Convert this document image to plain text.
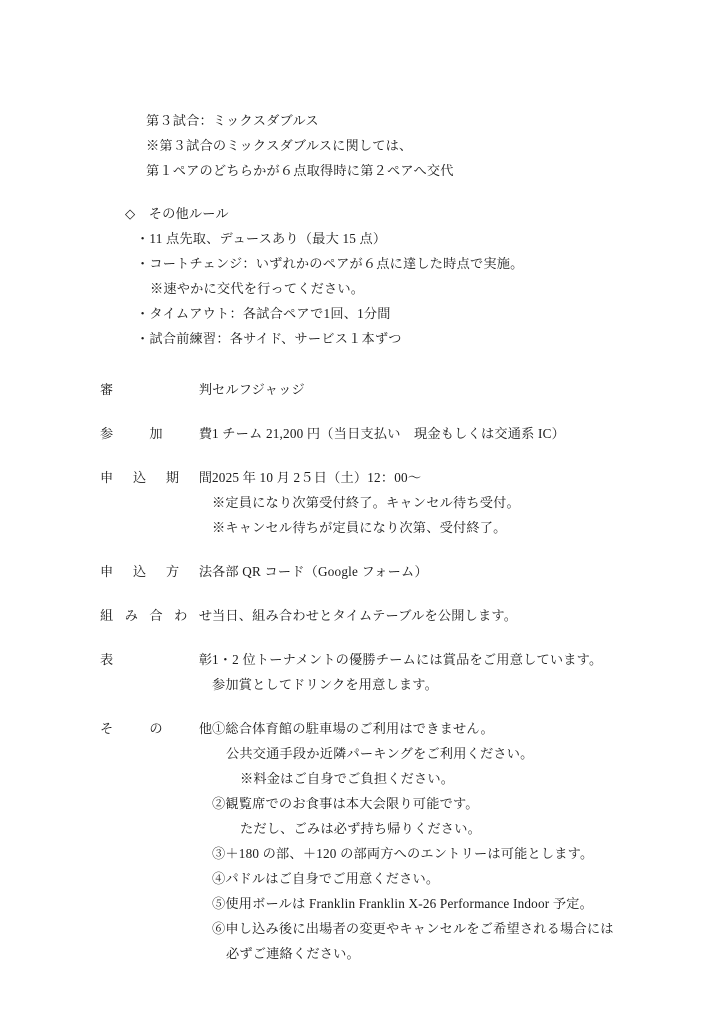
第３試合：ミックスダブルス
※第３試合のミックスダブルスに関しては、
第１ペアのどちらかが６点取得時に第２ペアへ交代
◇　その他ルール
・11 点先取、デュースあり（最大 15 点）
・コートチェンジ：いずれかのペアが６点に達した時点で実施。
※速やかに交代を行ってください。
・タイムアウト：各試合ペアで1回、1分間
・試合前練習：各サイド、サービス１本ずつ
審	判 セルフジャッジ
参	加	費 1 チーム 21,200 円（当日支払い　現金もしくは交通系 IC）
申 込 期 間 2025 年 10 月 2５日（土）12：00〜
※定員になり次第受付終了。キャンセル待ち受付。
※キャンセル待ちが定員になり次第、受付終了。
申 込 方 法 各部 QR コード（Google フォーム）
組 み 合 わ せ 当日、組み合わせとタイムテーブルを公開します。
表	彰 1・2 位トーナメントの優勝チームには賞品をご用意しています。
参加賞としてドリンクを用意します。
そ	の	他 ①総合体育館の駐車場のご利用はできません。
公共交通手段か近隣パーキングをご利用ください。
※料金はご自身でご負担ください。
②観覧席でのお食事は本大会限り可能です。
ただし、ごみは必ず持ち帰りください。
③＋180 の部、＋120 の部両方へのエントリーは可能とします。
④パドルはご自身でご用意ください。
⑤使用ボールは Franklin Franklin X-26 Performance Indoor 予定。
⑥申し込み後に出場者の変更やキャンセルをご希望される場合には
必ずご連絡ください。
